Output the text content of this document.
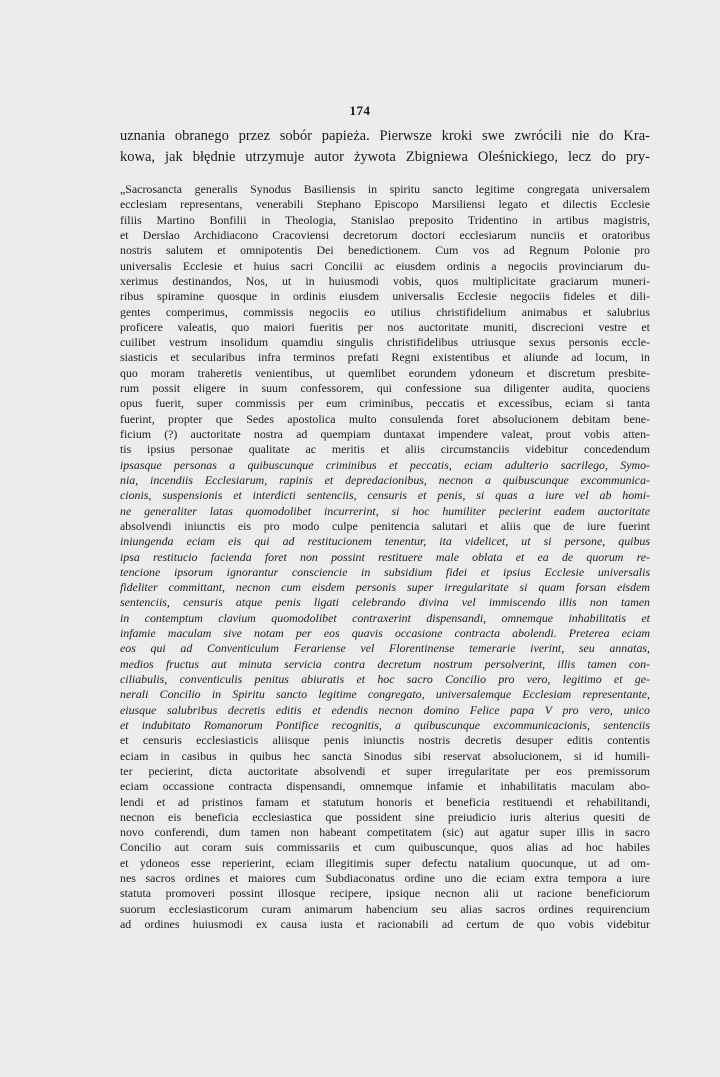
174
uznania obranego przez sobór papieża. Pierwsze kroki swe zwrócili nie do Kra-
kowa, jak błędnie utrzymuje autor żywota Zbigniewa Oleśnickiego, lecz do pry-
„Sacrosancta generalis Synodus Basiliensis in spiritu sancto legitime congregata universalem
ecclesiam representans, venerabili Stephano Episcopo Marsiliensi legato et dilectis Ecclesie
filiis Martino Bonfilii in Theologia, Stanislao preposito Tridentino in artibus magistris,
et Derslao Archidiacono Cracoviensi decretorum doctori ecclesiarum nunciis et oratoribus
nostris salutem et omnipotentis Dei benedictionem. Cum vos ad Regnum Polonie pro
universalis Ecclesie et huius sacri Concilii ac eiusdem ordinis a negociis provinciarum du-
xerimus destinandos, Nos, ut in huiusmodi vobis, quos multiplicitate graciarum muneri-
ribus spiramine quosque in ordinis eiusdem universalis Ecclesie negociis fideles et dili-
gentes comperimus, commissis negociis eo utilius christifidelium animabus et salubrius
proficere valeatis, quo maiori fueritis per nos auctoritate muniti, discrecioni vestre et
cuilibet vestrum insolidum quamdiu singulis christifidelibus utriusque sexus personis eccle-
siasticis et secularibus infra terminos prefati Regni existentibus et aliunde ad locum, in
quo moram traheretis venientibus, ut quemlibet eorundem ydoneum et discretum presbite-
rum possit eligere in suum confessorem, qui confessione sua diligenter audita, quociens
opus fuerit, super commissis per eum criminibus, peccatis et excessibus, eciam si tanta
fuerint, propter que Sedes apostolica multo consulenda foret absolucionem debitam bene-
ficium (?) auctoritate nostra ad quempiam duntaxat impendere valeat, prout vobis atten-
tis ipsius personae qualitate ac meritis et aliis circumstanciis videbitur concedendum
ipsasque personas a quibuscunque criminibus et peccatis, eciam adulterio sacrilego, Symo-
nia, incendiis Ecclesiarum, rapinis et depredacionibus, necnon a quibuscunque excommunica-
cionis, suspensionis et interdicti sentenciis, censuris et penis, si quas a iure vel ab homi-
ne generaliter latas quomodolibet incurrerint, si hoc humiliter pecierint eadem auctoritate
absolvendi iniunctis eis pro modo culpe penitencia salutari et aliis que de iure fuerint
iniungenda eciam eis qui ad restitucionem tenentur, ita videlicet, ut si persone, quibus
ipsa restitucio facienda foret non possint restituere male oblata et ea de quorum re-
tencione ipsorum ignorantur consciencie in subsidium fidei et ipsius Ecclesie universalis
fideliter committant, necnon cum eisdem personis super irregularitate si quam forsan eisdem
sentenciis, censuris atque penis ligati celebrando divina vel immiscendo illis non tamen
in contemptum clavium quomodolibet contraxerint dispensandi, omnemque inhabilitatis et
infamie maculam sive notam per eos quavis occasione contracta abolendi. Preterea eciam
eos qui ad Conventiculum Ferariense vel Florentinense temerarie iverint, seu annatas,
medios fructus aut minuta servicia contra decretum nostrum persolverint, illis tamen con-
ciliabulis, conventiculis penitus abiuratis et hoc sacro Concilio pro vero, legitimo et ge-
nerali Concilio in Spiritu sancto legitime congregato, universalemque Ecclesiam representante,
eiusque salubribus decretis editis et edendis necnon domino Felice papa V pro vero, unico
et indubitato Romanorum Pontifice recognitis, a quibuscunque excommunicacionis, sentenciis
et censuris ecclesiasticis aliisque penis iniunctis nostris decretis desuper editis contentis
eciam in casibus in quibus hec sancta Sinodus sibi reservat absolucionem, si id humili-
ter pecierint, dicta auctoritate absolvendi et super irregularitate per eos premissorum
eciam occassione contracta dispensandi, omnemque infamie et inhabilitatis maculam abo-
lendi et ad pristinos famam et statutum honoris et beneficia restituendi et rehabilitandi,
necnon eis beneficia ecclesiastica que possident sine preiudicio iuris alterius quesiti de
novo conferendi, dum tamen non habeant competitatem (sic) aut agatur super illis in sacro
Concilio aut coram suis commissariis et cum quibuscunque, quos alias ad hoc habiles
et ydoneos esse reperierint, eciam illegitimis super defectu natalium quocunque, ut ad om-
nes sacros ordines et maiores cum Subdiaconatus ordine uno die eciam extra tempora a iure
statuta promoveri possint illosque recipere, ipsique necnon alii ut racione beneficiorum
suorum ecclesiasticorum curam animarum habencium seu alias sacros ordines requirencium
ad ordines huiusmodi ex causa iusta et racionabili ad certum de quo vobis videbitur
